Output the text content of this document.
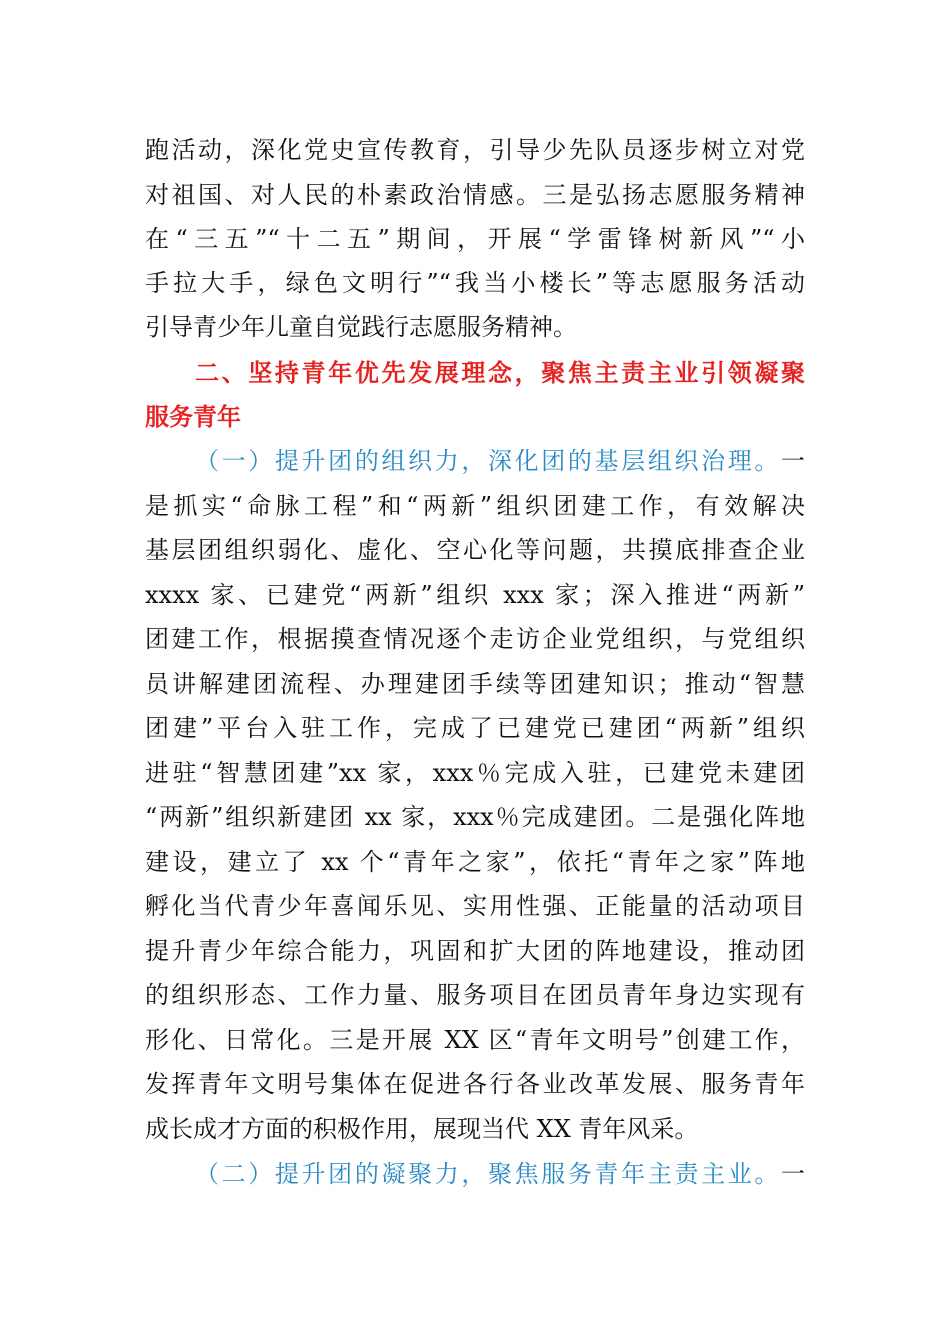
跑活动，深化党史宣传教育，引导少先队员逐步树立对党
对祖国、对人民的朴素政治情感。三是弘扬志愿服务精神
在“三五”“十二五”期间，开展“学雷锋树新风”“小
手拉大手，绿色文明行”“我当小楼长”等志愿服务活动
引导青少年儿童自觉践行志愿服务精神。
二、坚持青年优先发展理念，聚焦主责主业引领凝聚
服务青年
（一）提升团的组织力，深化团的基层组织治理。一
是抓实“命脉工程”和“两新”组织团建工作，有效解决
基层团组织弱化、虚化、空心化等问题，共摸底排查企业
xxxx 家、已建党“两新”组织 xxx 家；深入推进“两新”
团建工作，根据摸查情况逐个走访企业党组织，与党组织
员讲解建团流程、办理建团手续等团建知识；推动“智慧
团建”平台入驻工作，完成了已建党已建团“两新”组织
进驻“智慧团建”xx 家，xxx％完成入驻，已建党未建团
“两新”组织新建团 xx 家，xxx％完成建团。二是强化阵地
建设，建立了 xx 个“青年之家”，依托“青年之家”阵地
孵化当代青少年喜闻乐见、实用性强、正能量的活动项目
提升青少年综合能力，巩固和扩大团的阵地建设，推动团
的组织形态、工作力量、服务项目在团员青年身边实现有
形化、日常化。三是开展 XX 区“青年文明号”创建工作，
发挥青年文明号集体在促进各行各业改革发展、服务青年
成长成才方面的积极作用，展现当代 XX 青年风采。
（二）提升团的凝聚力，聚焦服务青年主责主业。一
